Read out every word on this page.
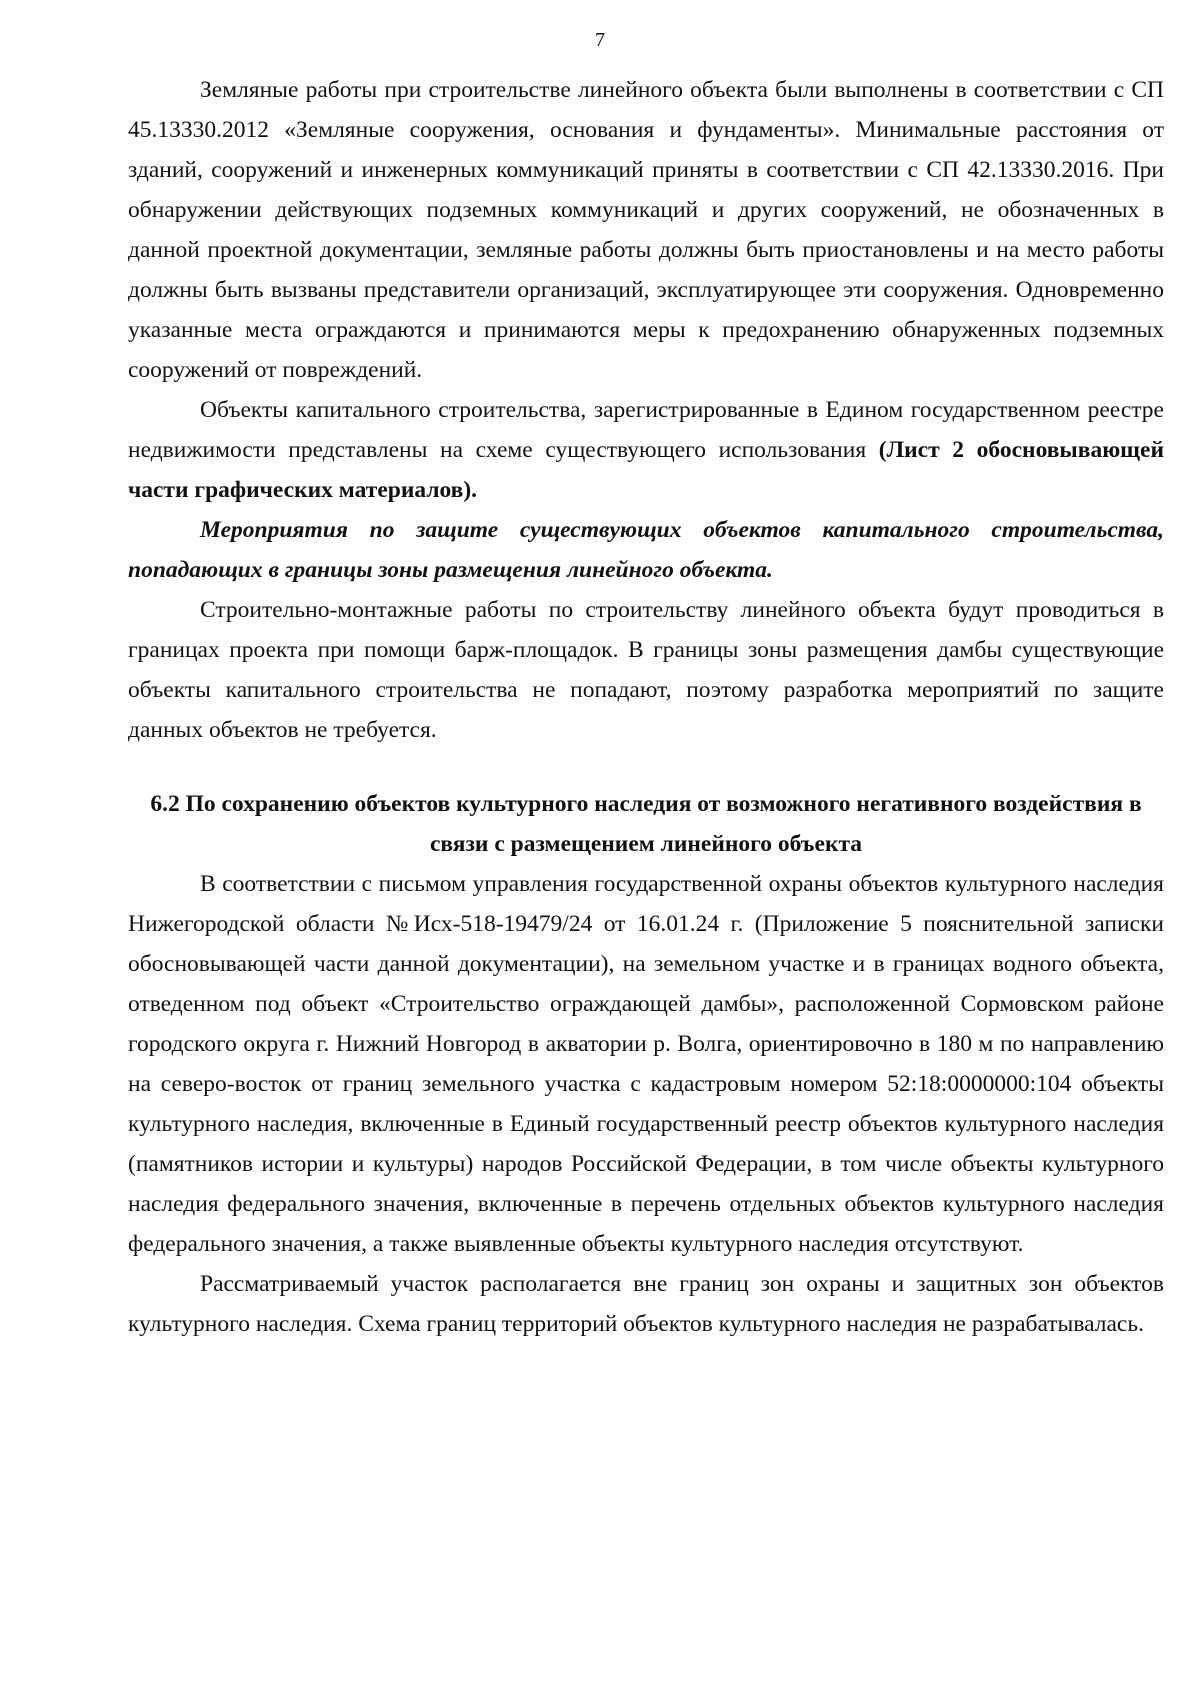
7

Земляные работы при строительстве линейного объекта были выполнены в соответствии с СП 45.13330.2012 «Земляные сооружения, основания и фундаменты». Минимальные расстояния от зданий, сооружений и инженерных коммуникаций приняты в соответствии с СП 42.13330.2016. При обнаружении действующих подземных коммуникаций и других сооружений, не обозначенных в данной проектной документации, земляные работы должны быть приостановлены и на место работы должны быть вызваны представители организаций, эксплуатирующее эти сооружения. Одновременно указанные места ограждаются и принимаются меры к предохранению обнаруженных подземных сооружений от повреждений.

Объекты капитального строительства, зарегистрированные в Едином государственном реестре недвижимости представлены на схеме существующего использования (Лист 2 обосновывающей части графических материалов).

Мероприятия по защите существующих объектов капитального строительства, попадающих в границы зоны размещения линейного объекта.

Строительно-монтажные работы по строительству линейного объекта будут проводиться в границах проекта при помощи барж-площадок. В границы зоны размещения дамбы существующие объекты капитального строительства не попадают, поэтому разработка мероприятий по защите данных объектов не требуется.

6.2 По сохранению объектов культурного наследия от возможного негативного воздействия в связи с размещением линейного объекта

В соответствии с письмом управления государственной охраны объектов культурного наследия Нижегородской области №Исх-518-19479/24 от 16.01.24 г. (Приложение 5 пояснительной записки обосновывающей части данной документации), на земельном участке и в границах водного объекта, отведенном под объект «Строительство ограждающей дамбы», расположенной Сормовском районе городского округа г. Нижний Новгород в акватории р. Волга, ориентировочно в 180 м по направлению на северо-восток от границ земельного участка с кадастровым номером 52:18:0000000:104 объекты культурного наследия, включенные в Единый государственный реестр объектов культурного наследия (памятников истории и культуры) народов Российской Федерации, в том числе объекты культурного наследия федерального значения, включенные в перечень отдельных объектов культурного наследия федерального значения, а также выявленные объекты культурного наследия отсутствуют.

Рассматриваемый участок располагается вне границ зон охраны и защитных зон объектов культурного наследия. Схема границ территорий объектов культурного наследия не разрабатывалась.
